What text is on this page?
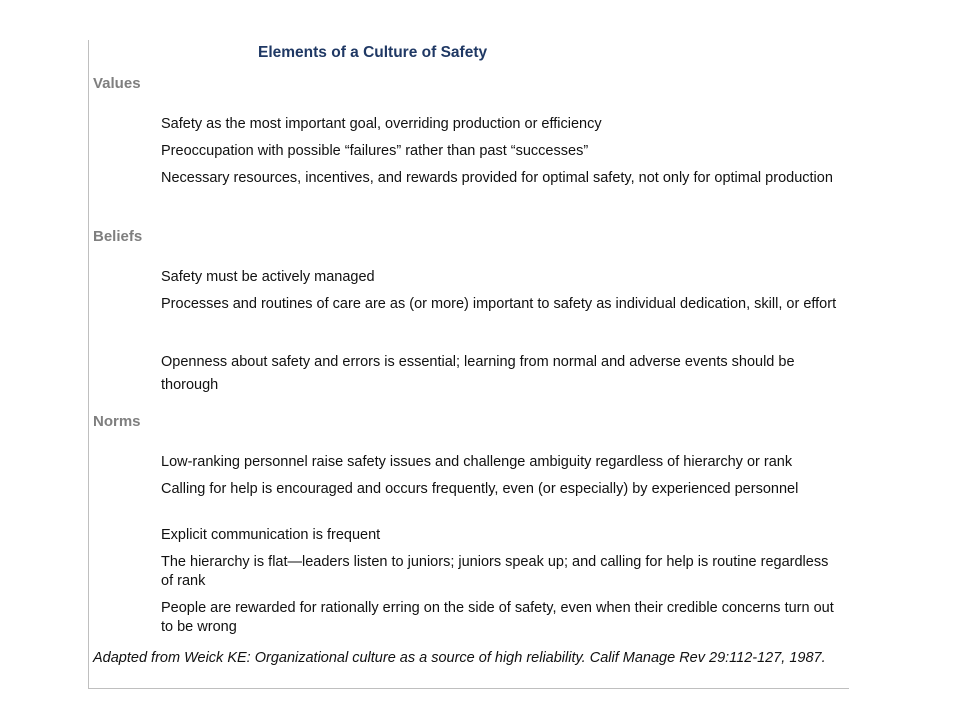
Elements of a Culture of Safety
Values
Safety as the most important goal, overriding production or efficiency
Preoccupation with possible “failures” rather than past “successes”
Necessary resources, incentives, and rewards provided for optimal safety, not only for optimal production
Beliefs
Safety must be actively managed
Processes and routines of care are as (or more) important to safety as individual dedication, skill, or effort
Openness about safety and errors is essential; learning from normal and adverse events should be thorough
Norms
Low-ranking personnel raise safety issues and challenge ambiguity regardless of hierarchy or rank
Calling for help is encouraged and occurs frequently, even (or especially) by experienced personnel
Explicit communication is frequent
The hierarchy is flat—leaders listen to juniors; juniors speak up; and calling for help is routine regardless of rank
People are rewarded for rationally erring on the side of safety, even when their credible concerns turn out to be wrong
Adapted from Weick KE: Organizational culture as a source of high reliability. Calif Manage Rev 29:112-127, 1987.
